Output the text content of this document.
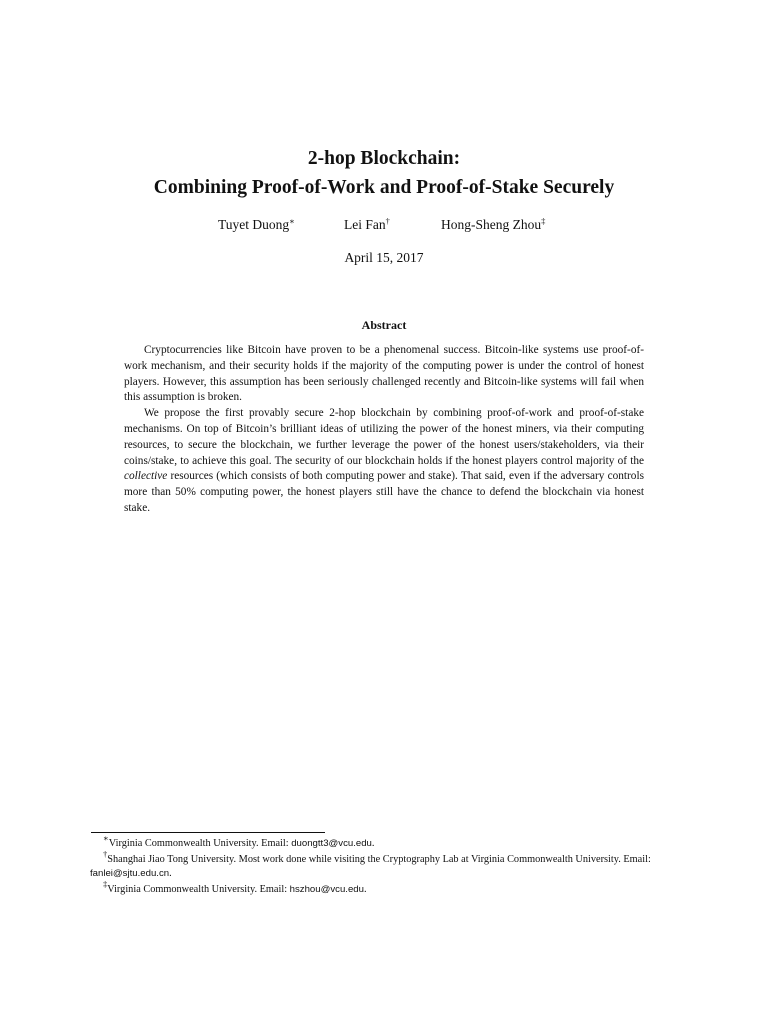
2-hop Blockchain:
Combining Proof-of-Work and Proof-of-Stake Securely
Tuyet Duong∗	Lei Fan†	Hong-Sheng Zhou‡
April 15, 2017
Abstract

Cryptocurrencies like Bitcoin have proven to be a phenomenal success. Bitcoin-like systems use proof-of-work mechanism, and their security holds if the majority of the computing power is under the control of honest players. However, this assumption has been seriously challenged recently and Bitcoin-like systems will fail when this assumption is broken.

We propose the first provably secure 2-hop blockchain by combining proof-of-work and proof-of-stake mechanisms. On top of Bitcoin’s brilliant ideas of utilizing the power of the honest miners, via their computing resources, to secure the blockchain, we further leverage the power of the honest users/stakeholders, via their coins/stake, to achieve this goal. The security of our blockchain holds if the honest players control majority of the collective resources (which consists of both computing power and stake). That said, even if the adversary controls more than 50% computing power, the honest players still have the chance to defend the blockchain via honest stake.

∗Virginia Commonwealth University. Email: duongtt3@vcu.edu.

†Shanghai Jiao Tong University. Most work done while visiting the Cryptography Lab at Virginia Commonwealth University. Email: fanlei@sjtu.edu.cn.

‡Virginia Commonwealth University. Email: hszhou@vcu.edu.
